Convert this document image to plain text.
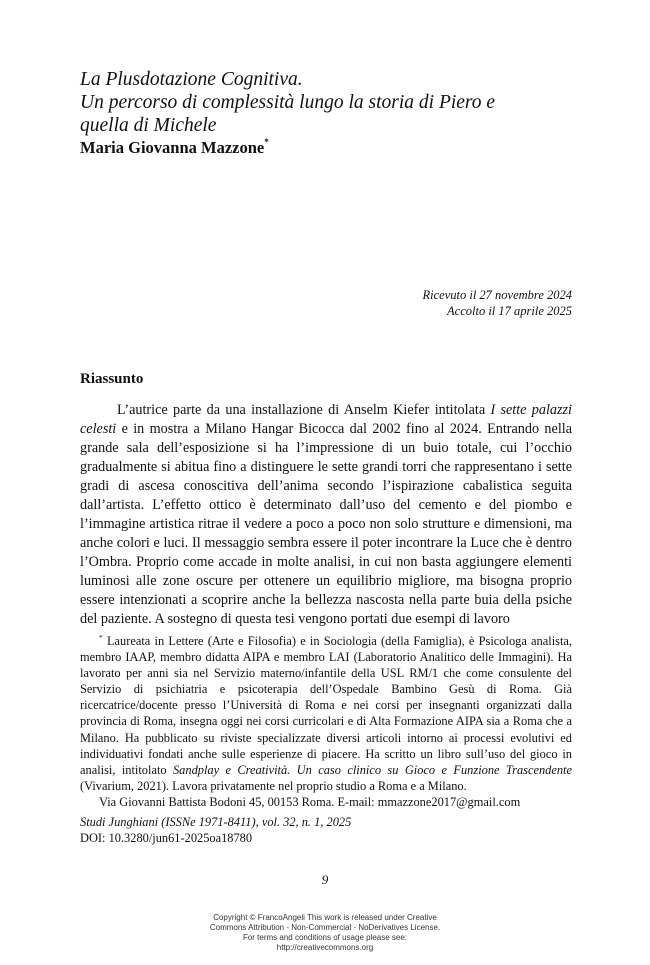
La Plusdotazione Cognitiva.
Un percorso di complessità lungo la storia di Piero e
quella di Michele

Maria Giovanna Mazzone*

Ricevuto il 27 novembre 2024
Accolto il 17 aprile 2025
Riassunto

L’autrice parte da una installazione di Anselm Kiefer intitolata I sette palazzi celesti e in mostra a Milano Hangar Bicocca dal 2002 fino al 2024. Entrando nella grande sala dell’esposizione si ha l’impressione di un buio totale, cui l’occhio gradualmente si abitua fino a distinguere le sette grandi torri che rappresentano i sette gradi di ascesa conoscitiva dell’anima secondo l’ispirazione cabalistica seguita dall’artista. L’effetto ottico è determinato dall’uso del cemento e del piombo e l’immagine artistica ritrae il vedere a poco a poco non solo strutture e dimensioni, ma anche colori e luci. Il messaggio sembra essere il poter incontrare la Luce che è dentro l’Ombra. Proprio come accade in molte analisi, in cui non basta aggiungere elementi luminosi alle zone oscure per ottenere un equilibrio migliore, ma bisogna proprio essere intenzionati a scoprire anche la bellezza nascosta nella parte buia della psiche del paziente. A sostegno di questa tesi vengono portati due esempi di lavoro

* Laureata in Lettere (Arte e Filosofia) e in Sociologia (della Famiglia), è Psicologa analista, membro IAAP, membro didatta AIPA e membro LAI (Laboratorio Analitico delle Immagini). Ha lavorato per anni sia nel Servizio materno/infantile della USL RM/1 che come consulente del Servizio di psichiatria e psicoterapia dell’Ospedale Bambino Gesù di Roma. Già ricercatrice/docente presso l’Università di Roma e nei corsi per insegnanti organizzati dalla provincia di Roma, insegna oggi nei corsi curricolari e di Alta Formazione AIPA sia a Roma che a Milano. Ha pubblicato su riviste specializzate diversi articoli intorno ai processi evolutivi ed individuativi fondati anche sulle esperienze di piacere. Ha scritto un libro sull’uso del gioco in analisi, intitolato Sandplay e Creatività. Un caso clinico su Gioco e Funzione Trascendente (Vivarium, 2021). Lavora privatamente nel proprio studio a Roma e a Milano.

Via Giovanni Battista Bodoni 45, 00153 Roma. E-mail: mmazzone2017@gmail.com

Studi Junghiani (ISSNe 1971-8411), vol. 32, n. 1, 2025
DOI: 10.3280/jun61-2025oa18780
9
Copyright © FrancoAngeli This work is released under Creative
Commons Attribution - Non-Commercial - NoDerivatives License.
For terms and conditions of usage please see:
http://creativecommons.org
